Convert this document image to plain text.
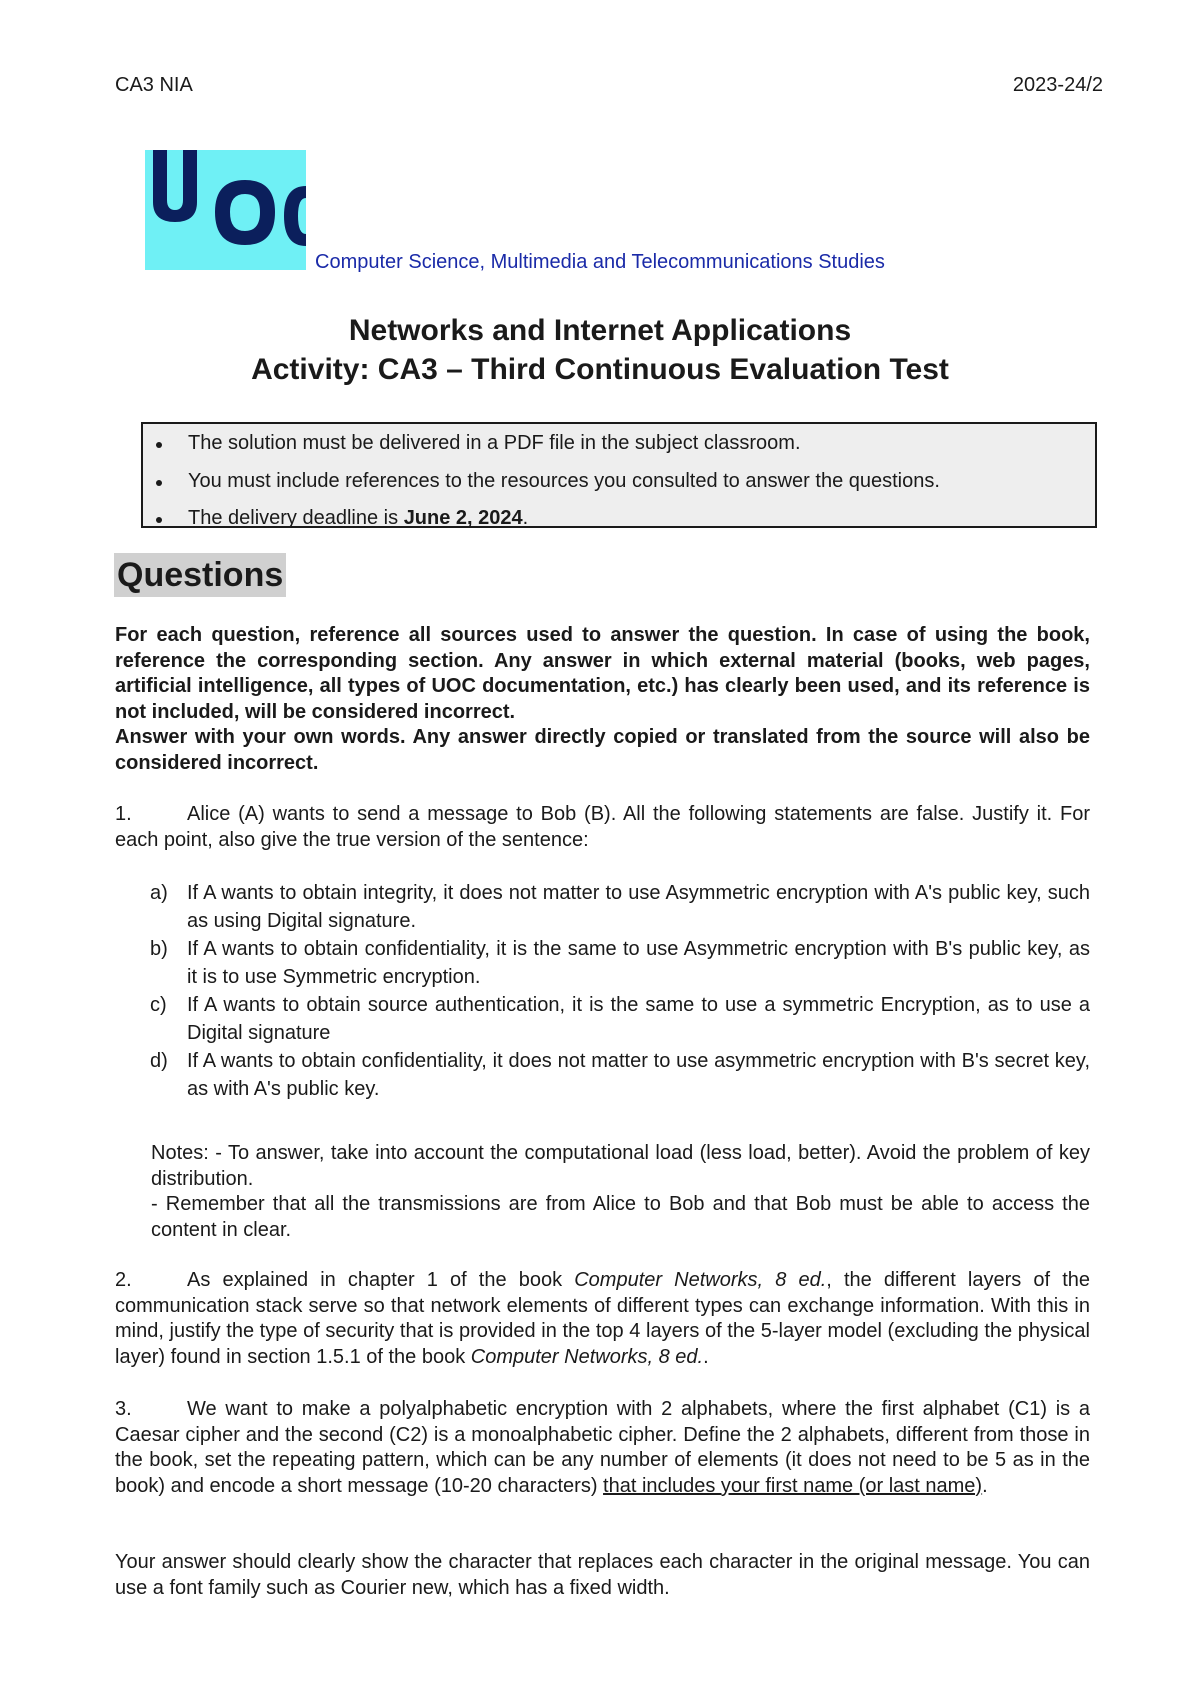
CA3 NIA	2023-24/2
Computer Science, Multimedia and Telecommunications Studies
Networks and Internet Applications
Activity: CA3 – Third Continuous Evaluation Test
The solution must be delivered in a PDF file in the subject classroom.
You must include references to the resources you consulted to answer the questions.
The delivery deadline is June 2, 2024.
Questions

For each question, reference all sources used to answer the question. In case of using the book, reference the corresponding section. Any answer in which external material (books, web pages, artificial intelligence, all types of UOC documentation, etc.) has clearly been used, and its reference is not included, will be considered incorrect.

Answer with your own words. Any answer directly copied or translated from the source will also be considered incorrect.

1.	Alice (A) wants to send a message to Bob (B). All the following statements are false. Justify it. For each point, also give the true version of the sentence:
a) If A wants to obtain integrity, it does not matter to use Asymmetric encryption with A's public key, such as using Digital signature.
b) If A wants to obtain confidentiality, it is the same to use Asymmetric encryption with B's public key, as it is to use Symmetric encryption.
c) If A wants to obtain source authentication, it is the same to use a symmetric Encryption, as to use a Digital signature
d) If A wants to obtain confidentiality, it does not matter to use asymmetric encryption with B's secret key, as with A's public key.

Notes: - To answer, take into account the computational load (less load, better). Avoid the problem of key distribution.

- Remember that all the transmissions are from Alice to Bob and that Bob must be able to access the content in clear.

2.	As explained in chapter 1 of the book Computer Networks, 8 ed., the different layers of the communication stack serve so that network elements of different types can exchange information. With this in mind, justify the type of security that is provided in the top 4 layers of the 5-layer model (excluding the physical layer) found in section 1.5.1 of the book Computer Networks, 8 ed..
3.	We want to make a polyalphabetic encryption with 2 alphabets, where the first alphabet (C1) is a Caesar cipher and the second (C2) is a monoalphabetic cipher. Define the 2 alphabets, different from those in the book, set the repeating pattern, which can be any number of elements (it does not need to be 5 as in the book) and encode a short message (10-20 characters) that includes your first name (or last name).
Your answer should clearly show the character that replaces each character in the original message. You can use a font family such as Courier new, which has a fixed width.
